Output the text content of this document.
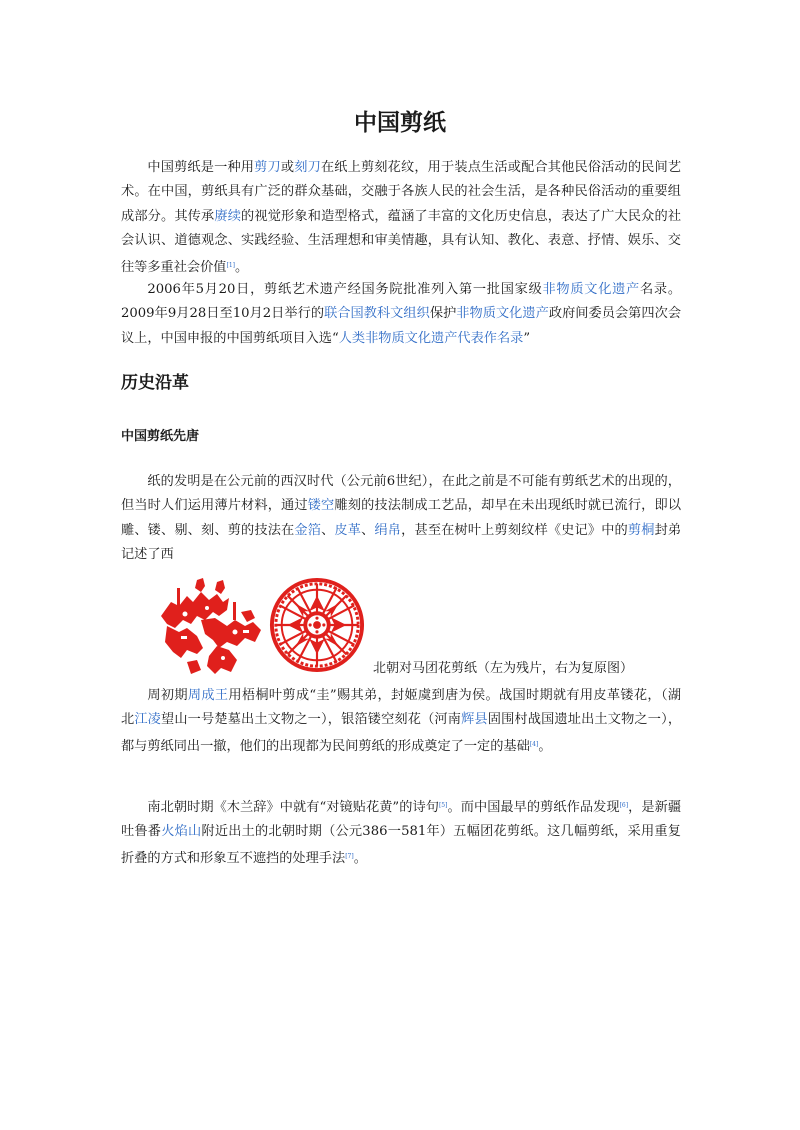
中国剪纸

中国剪纸是一种用剪刀或刻刀在纸上剪刻花纹，用于装点生活或配合其他民俗活动的民间艺术。在中国，剪纸具有广泛的群众基础，交融于各族人民的社会生活，是各种民俗活动的重要组成部分。其传承赓续的视觉形象和造型格式，蕴涵了丰富的文化历史信息，表达了广大民众的社会认识、道德观念、实践经验、生活理想和审美情趣，具有认知、教化、表意、抒情、娱乐、交往等多重社会价值[1]。

2006年5月20日，剪纸艺术遗产经国务院批准列入第一批国家级非物质文化遗产名录。2009年9月28日至10月2日举行的联合国教科文组织保护非物质文化遗产政府间委员会第四次会议上，中国申报的中国剪纸项目入选“人类非物质文化遗产代表作名录”

历史沿革
中国剪纸先唐

纸的发明是在公元前的西汉时代（公元前6世纪），在此之前是不可能有剪纸艺术的出现的，但当时人们运用薄片材料，通过镂空雕刻的技法制成工艺品，却早在未出现纸时就已流行，即以雕、镂、剔、刻、剪的技法在金箔、皮革、绢帛，甚至在树叶上剪刻纹样《史记》中的剪桐封弟记述了西

北朝对马团花剪纸（左为残片，右为复原图）

周初期周成王用梧桐叶剪成“圭”赐其弟，封姬虞到唐为侯。战国时期就有用皮革镂花，（湖北江凌望山一号楚墓出土文物之一），银箔镂空刻花（河南辉县固围村战国遗址出土文物之一），都与剪纸同出一撤，他们的出现都为民间剪纸的形成奠定了一定的基础[4]。

南北朝时期《木兰辞》中就有“对镜贴花黄”的诗句[5]。而中国最早的剪纸作品发现[6]，是新疆吐鲁番火焰山附近出土的北朝时期（公元386一581年）五幅团花剪纸。这几幅剪纸，采用重复折叠的方式和形象互不遮挡的处理手法[7]。
